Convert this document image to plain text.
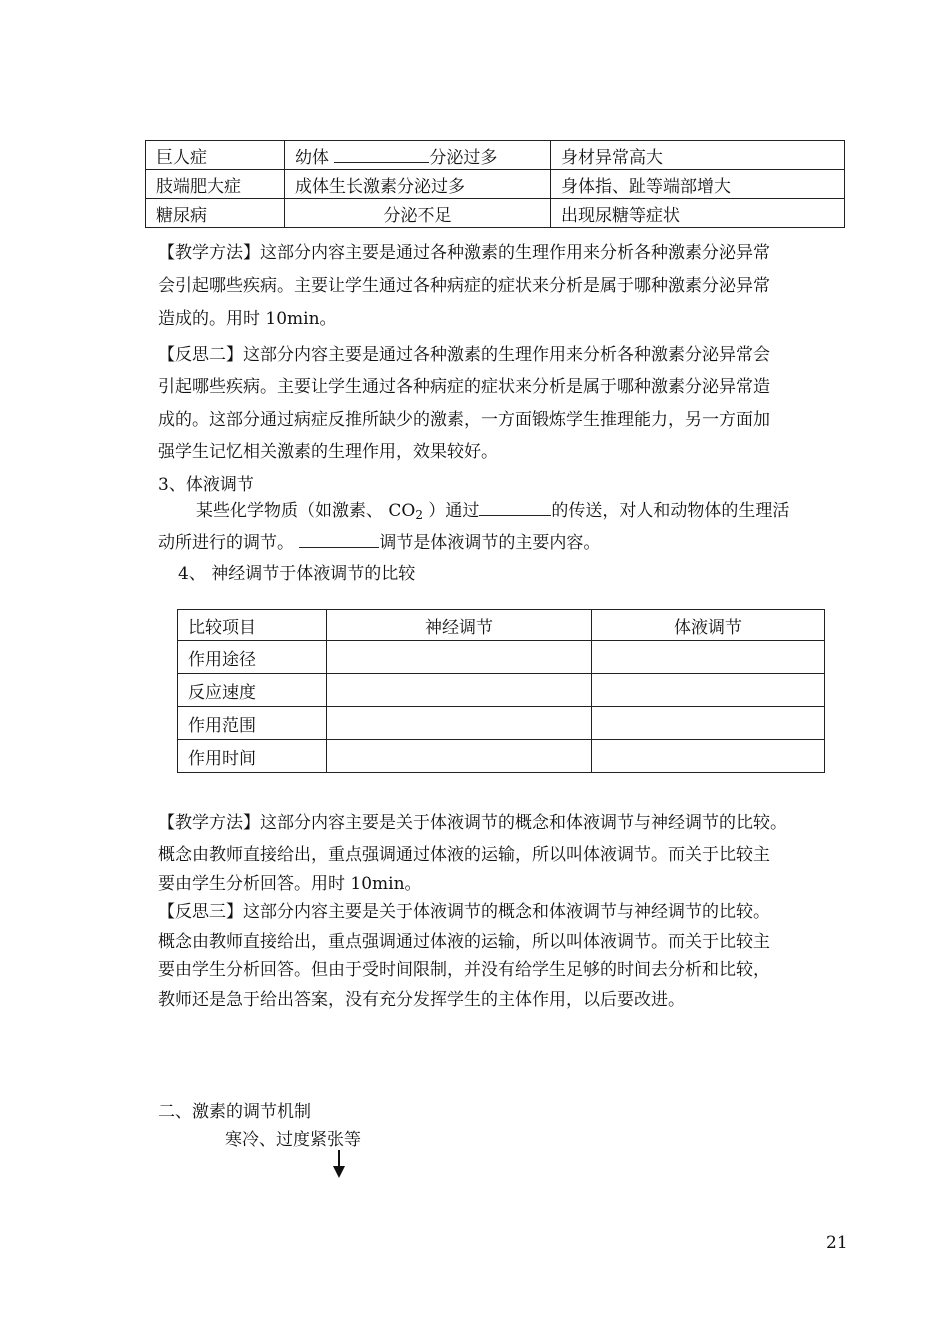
巨人症	幼体 分泌过多	身材异常高大
肢端肥大症	成体生长激素分泌过多	身体指、趾等端部增大
糖尿病	分泌不足	出现尿糖等症状
【教学方法】这部分内容主要是通过各种激素的生理作用来分析各种激素分泌异常
会引起哪些疾病。主要让学生通过各种病症的症状来分析是属于哪种激素分泌异常
造成的。用时 10min。
【反思二】这部分内容主要是通过各种激素的生理作用来分析各种激素分泌异常会
引起哪些疾病。主要让学生通过各种病症的症状来分析是属于哪种激素分泌异常造
成的。这部分通过病症反推所缺少的激素，一方面锻炼学生推理能力，另一方面加
强学生记忆相关激素的生理作用，效果较好。
3、体液调节
某些化学物质（如激素、 $CO_2$ ）通过	的传送，对人和动物体的生理活
动所进行的调节。	调节是体液调节的主要内容。
4、 神经调节于体液调节的比较
比较项目	神经调节	体液调节
作用途径		
反应速度		
作用范围		
作用时间		
【教学方法】这部分内容主要是关于体液调节的概念和体液调节与神经调节的比较。
概念由教师直接给出，重点强调通过体液的运输，所以叫体液调节。而关于比较主
要由学生分析回答。用时 10min。
【反思三】这部分内容主要是关于体液调节的概念和体液调节与神经调节的比较。
概念由教师直接给出，重点强调通过体液的运输，所以叫体液调节。而关于比较主
要由学生分析回答。但由于受时间限制，并没有给学生足够的时间去分析和比较，
教师还是急于给出答案，没有充分发挥学生的主体作用，以后要改进。
二、激素的调节机制
寒冷、过度紧张等
21
